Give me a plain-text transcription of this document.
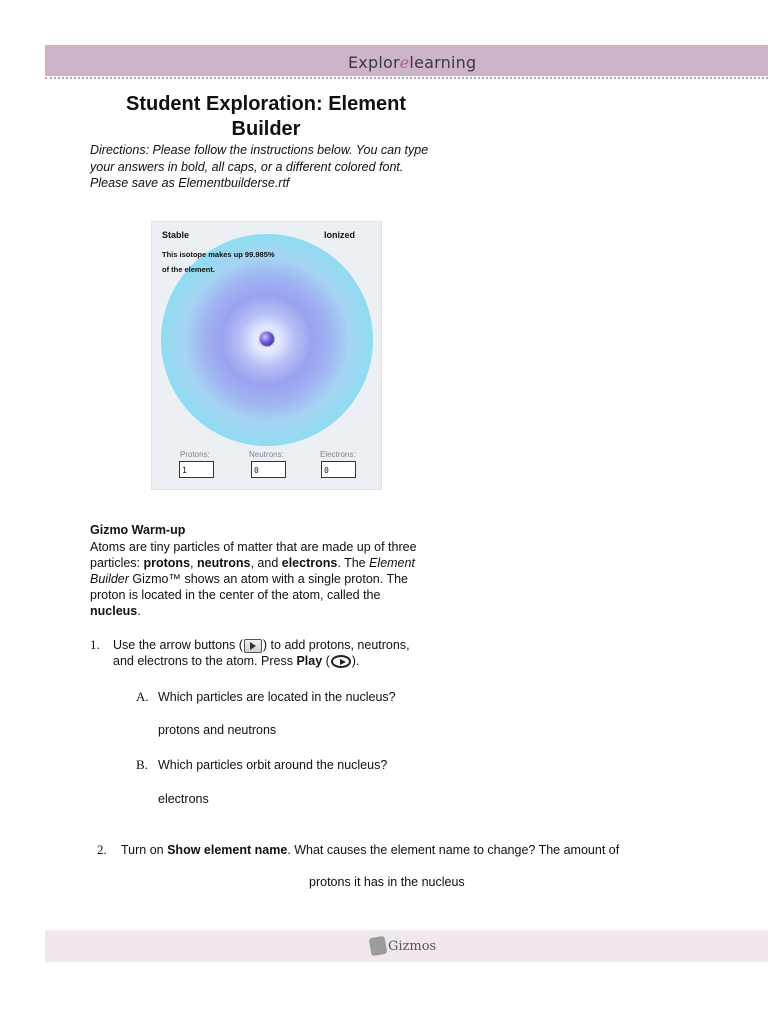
Explorelearning
Student Exploration: Element Builder
Directions: Please follow the instructions below. You can type your answers in bold, all caps, or a different colored font. Please save as Elementbuilderse.rtf
Stable	Ionized
This isotope makes up 99.985%
of the element.
Protons:	Neutrons:	Electrons:
1	0	0
Gizmo Warm-up
Atoms are tiny particles of matter that are made up of three particles: protons, neutrons, and electrons. The Element Builder Gizmo™ shows an atom with a single proton. The proton is located in the center of the atom, called the nucleus.
1. Use the arrow buttons ( ) to add protons, neutrons,
and electrons to the atom. Press Play ( ).
A. Which particles are located in the nucleus?
protons and neutrons
B. Which particles orbit around the nucleus?
electrons
2. Turn on Show element name. What causes the element name to change? The amount of
protons it has in the nucleus
Gizmos
